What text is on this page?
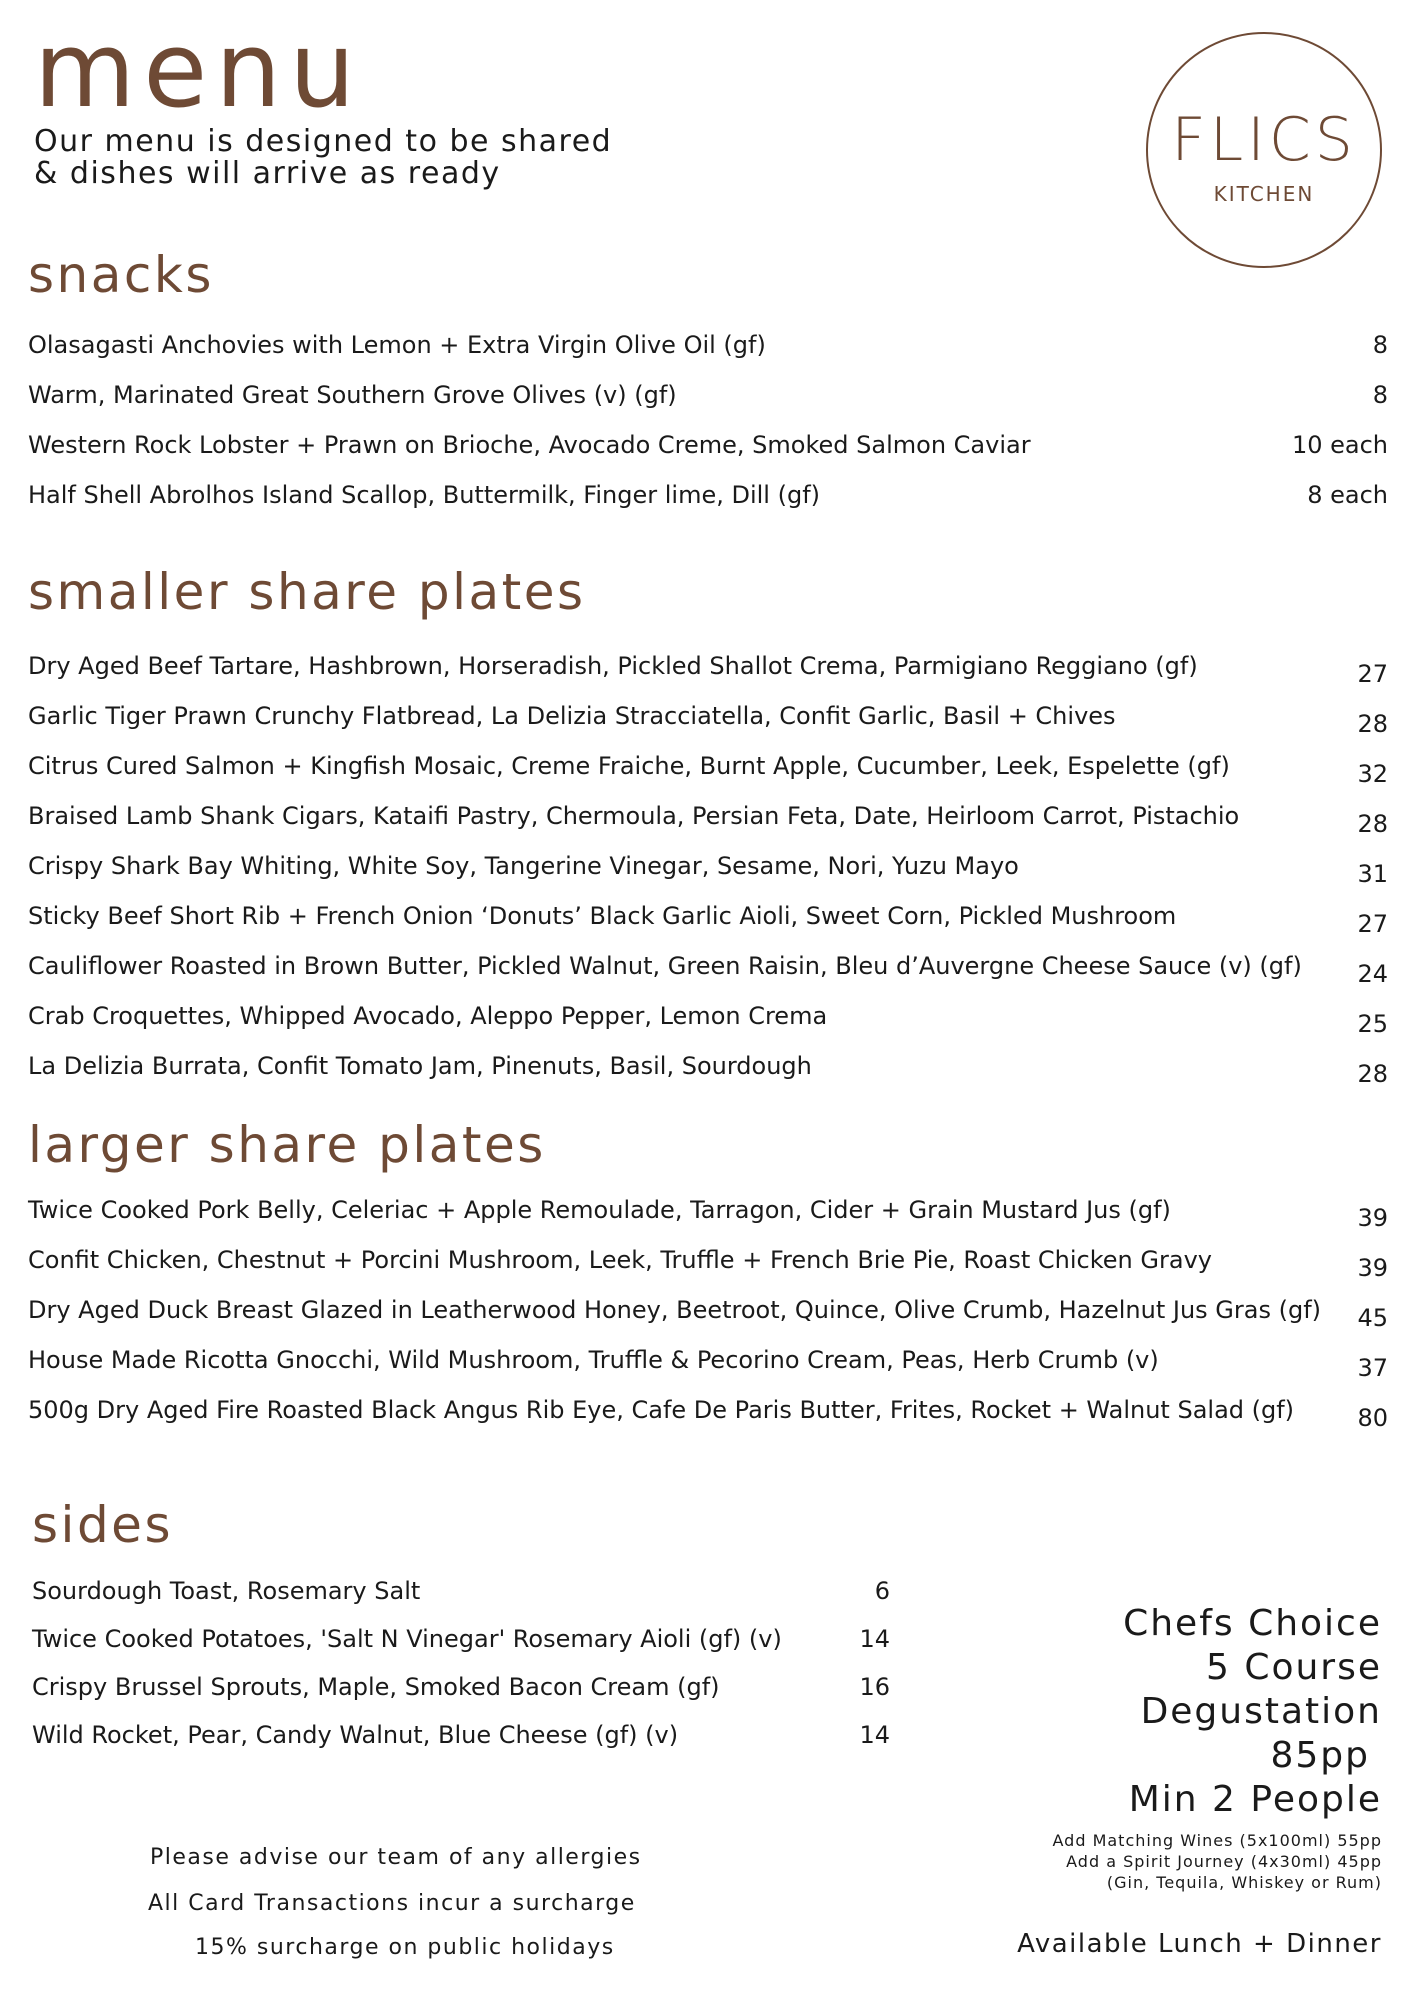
menu
Our menu is designed to be shared
& dishes will arrive as ready	FLICS
KITCHEN
snacks
Olasagasti Anchovies with Lemon + Extra Virgin Olive Oil (gf)	8
Warm, Marinated Great Southern Grove Olives (v) (gf)	8
Western Rock Lobster + Prawn on Brioche, Avocado Creme, Smoked Salmon Caviar	10 each
Half Shell Abrolhos Island Scallop, Buttermilk, Finger lime, Dill (gf)	8 each
smaller share plates
Dry Aged Beef Tartare, Hashbrown, Horseradish, Pickled Shallot Crema, Parmigiano Reggiano (gf)	27
Garlic Tiger Prawn Crunchy Flatbread, La Delizia Stracciatella, Confit Garlic, Basil + Chives	28
Citrus Cured Salmon + Kingfish Mosaic, Creme Fraiche, Burnt Apple, Cucumber, Leek, Espelette (gf)	32
Braised Lamb Shank Cigars, Kataifi Pastry, Chermoula, Persian Feta, Date, Heirloom Carrot, Pistachio	28
Crispy Shark Bay Whiting, White Soy, Tangerine Vinegar, Sesame, Nori, Yuzu Mayo	31
Sticky Beef Short Rib + French Onion ‘Donuts’ Black Garlic Aioli, Sweet Corn, Pickled Mushroom	27
Cauliflower Roasted in Brown Butter, Pickled Walnut, Green Raisin, Bleu d’Auvergne Cheese Sauce (v) (gf) 24
Crab Croquettes, Whipped Avocado, Aleppo Pepper, Lemon Crema	25
La Delizia Burrata, Confit Tomato Jam, Pinenuts, Basil, Sourdough	28
larger share plates
Twice Cooked Pork Belly, Celeriac + Apple Remoulade, Tarragon, Cider + Grain Mustard Jus (gf)	39
Confit Chicken, Chestnut + Porcini Mushroom, Leek, Truffle + French Brie Pie, Roast Chicken Gravy	39
Dry Aged Duck Breast Glazed in Leatherwood Honey, Beetroot, Quince, Olive Crumb, Hazelnut Jus Gras (gf) 45
House Made Ricotta Gnocchi, Wild Mushroom, Truffle & Pecorino Cream, Peas, Herb Crumb (v)	37
500g Dry Aged Fire Roasted Black Angus Rib Eye, Cafe De Paris Butter, Frites, Rocket + Walnut Salad (gf)	80
sides
Sourdough Toast, Rosemary Salt	6
Twice Cooked Potatoes, 'Salt N Vinegar' Rosemary Aioli (gf) (v)	14
Crispy Brussel Sprouts, Maple, Smoked Bacon Cream (gf)	16
Wild Rocket, Pear, Candy Walnut, Blue Cheese (gf) (v)	14
Chefs Choice
5 Course
Degustation
85pp
Min 2 People
Add Matching Wines (5x100ml) 55pp
Add a Spirit Journey (4x30ml) 45pp
(Gin, Tequila, Whiskey or Rum)
Available Lunch + Dinner
Please advise our team of any allergies
All Card Transactions incur a surcharge
15% surcharge on public holidays
